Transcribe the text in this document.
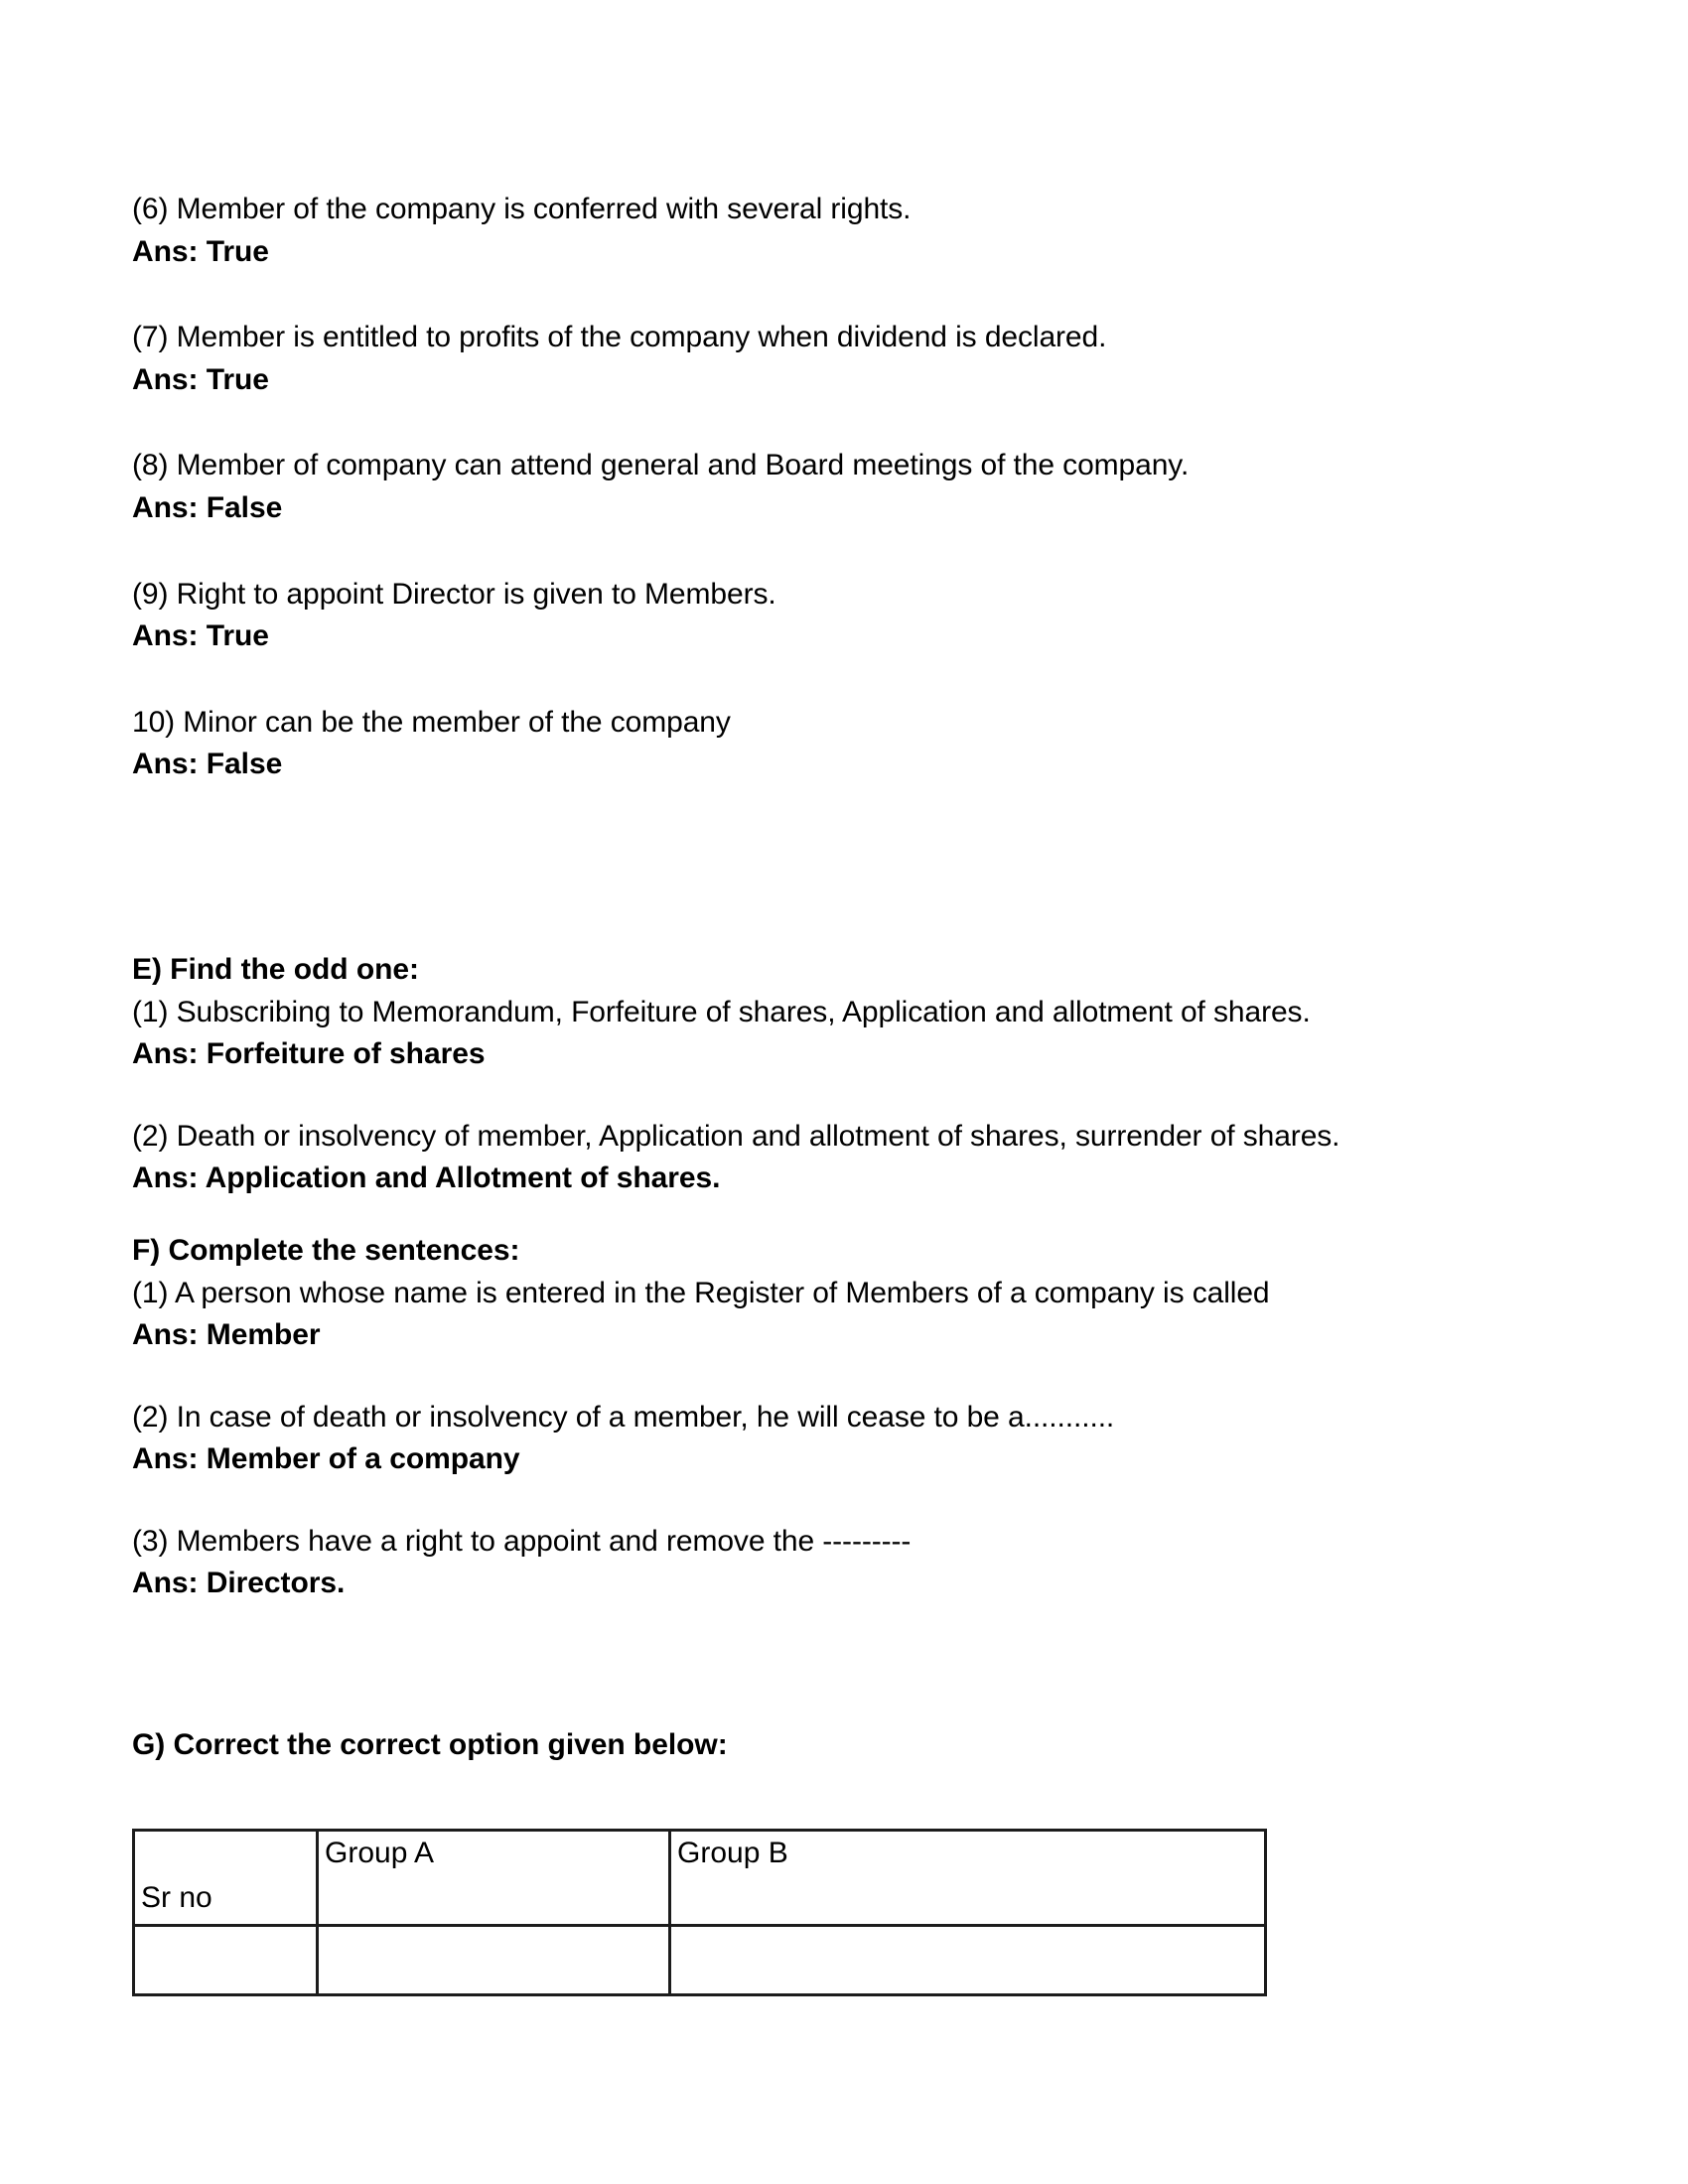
(6) Member of the company is conferred with several rights.

Ans: True

(7) Member is entitled to profits of the company when dividend is declared.

Ans: True

(8) Member of company can attend general and Board meetings of the company.

Ans: False

(9) Right to appoint Director is given to Members.

Ans: True

10) Minor can be the member of the company

Ans: False

E) Find the odd one:

(1) Subscribing to Memorandum, Forfeiture of shares, Application and allotment of shares.

Ans: Forfeiture of shares

(2) Death or insolvency of member, Application and allotment of shares, surrender of shares.

Ans: Application and Allotment of shares.

F) Complete the sentences:

(1) A person whose name is entered in the Register of Members of a company is called

Ans: Member

(2) In case of death or insolvency of a member, he will cease to be a...........

Ans: Member of a company

(3) Members have a right to appoint and remove the ---------

Ans: Directors.

G) Correct the correct option given below:

Sr no	Group A	Group B
